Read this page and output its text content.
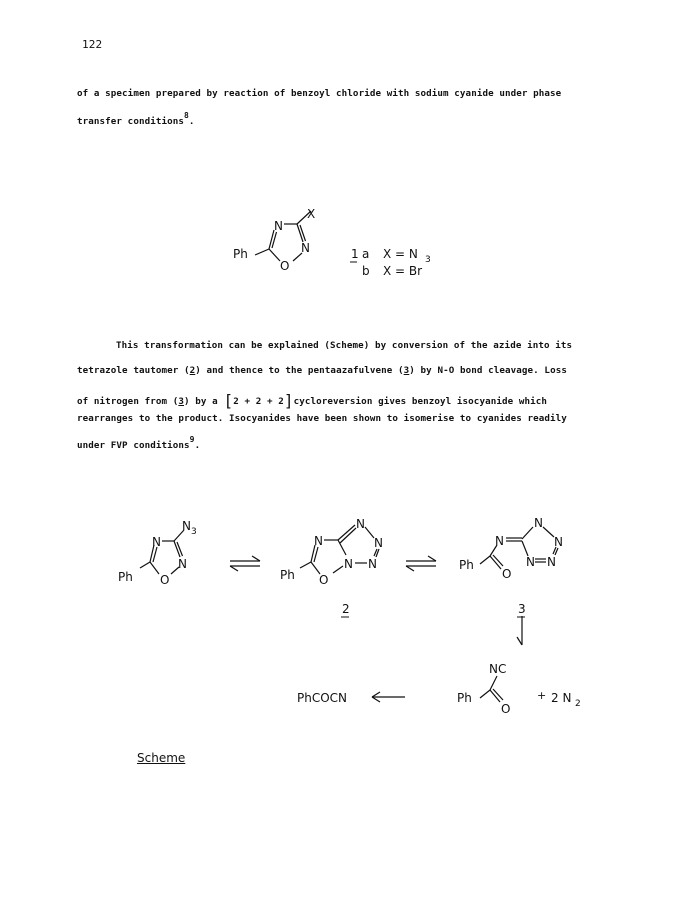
122
of a specimen prepared by reaction of benzoyl chloride with sodium cyanide under phase
transfer conditions$^8$.
Ph
N
N
O
X
1 a X = N 3
b X = Br
This transformation can be explained (Scheme) by conversion of the azide into its
tetrazole tautomer (2) and thence to the pentaazafulvene (3) by N-O bond cleavage. Loss
of nitrogen from (3) by a [2 + 2 + 2]cycloreversion gives benzoyl isocyanide which
rearranges to the product. Isocyanides have been shown to isomerise to cyanides readily
under FVP conditions$^9$.
Ph
N
N
O
N 3
Ph
N
N
N
N
N
O
2
Ph
N
N
N
N
N
O
3
NC
Ph
O
+ 2 N 2
PhCOCN
Scheme
